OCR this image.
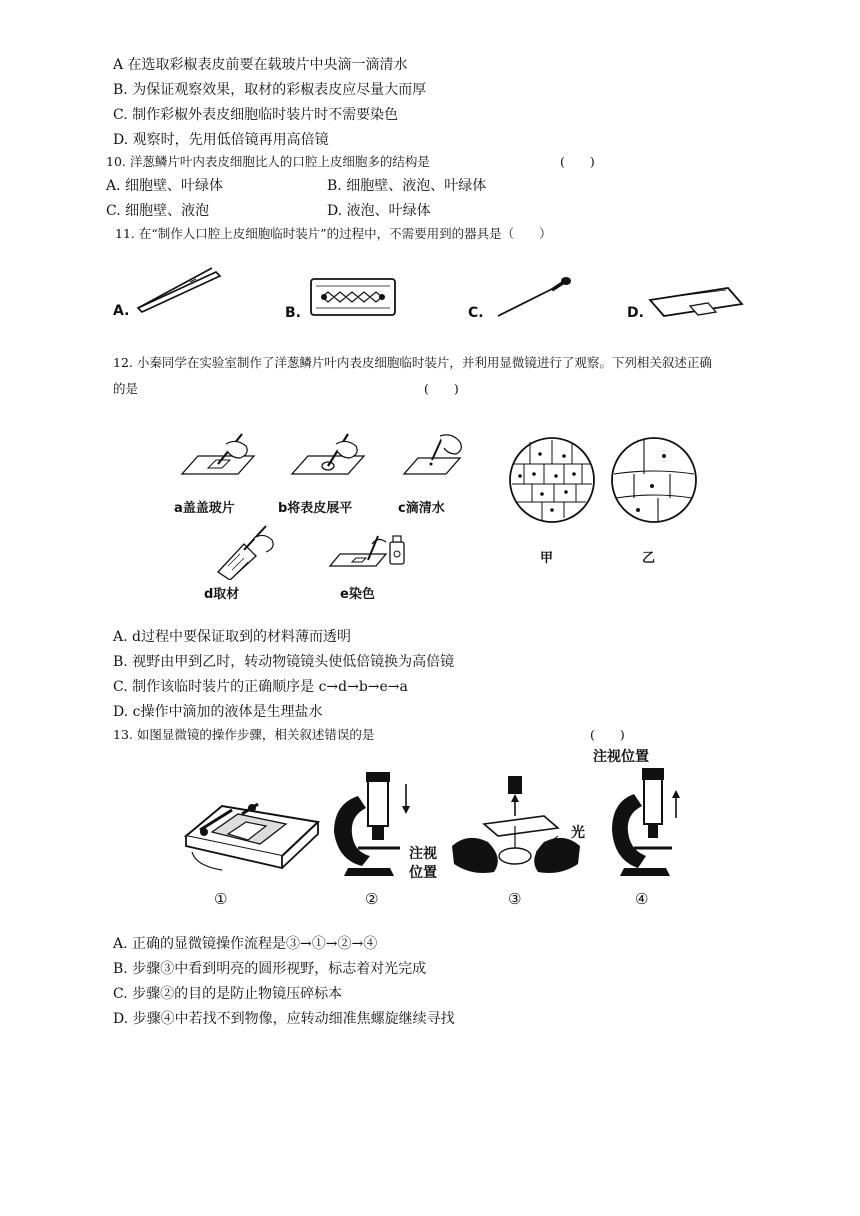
A 在选取彩椒表皮前要在载玻片中央滴一滴清水
B. 为保证观察效果，取材的彩椒表皮应尽量大而厚
C. 制作彩椒外表皮细胞临时装片时不需要染色
D. 观察时，先用低倍镜再用高倍镜
10. 洋葱鳞片叶内表皮细胞比人的口腔上皮细胞多的结构是	(　　)
A. 细胞壁、叶绿体	B. 细胞壁、液泡、叶绿体
C. 细胞壁、液泡	D. 液泡、叶绿体
11. 在“制作人口腔上皮细胞临时装片”的过程中，不需要用到的器具是（　　）
A.	B.	C.	D.
12. 小秦同学在实验室制作了洋葱鳞片叶内表皮细胞临时装片，并利用显微镜进行了观察。下列相关叙述正确
的是	(　　)
a盖盖玻片	b将表皮展平	c滴清水
d取材	e染色
甲	乙
A. d过程中要保证取到的材料薄而透明
B. 视野由甲到乙时，转动物镜镜头使低倍镜换为高倍镜
C. 制作该临时装片的正确顺序是 c→d→b→e→a
D. c操作中滴加的液体是生理盐水
13. 如图显微镜的操作步骤，相关叙述错误的是	(　　)
注视
位置
光
注视位置
①	②	③	④
A. 正确的显微镜操作流程是③→①→②→④
B. 步骤③中看到明亮的圆形视野，标志着对光完成
C. 步骤②的目的是防止物镜压碎标本
D. 步骤④中若找不到物像，应转动细准焦螺旋继续寻找
